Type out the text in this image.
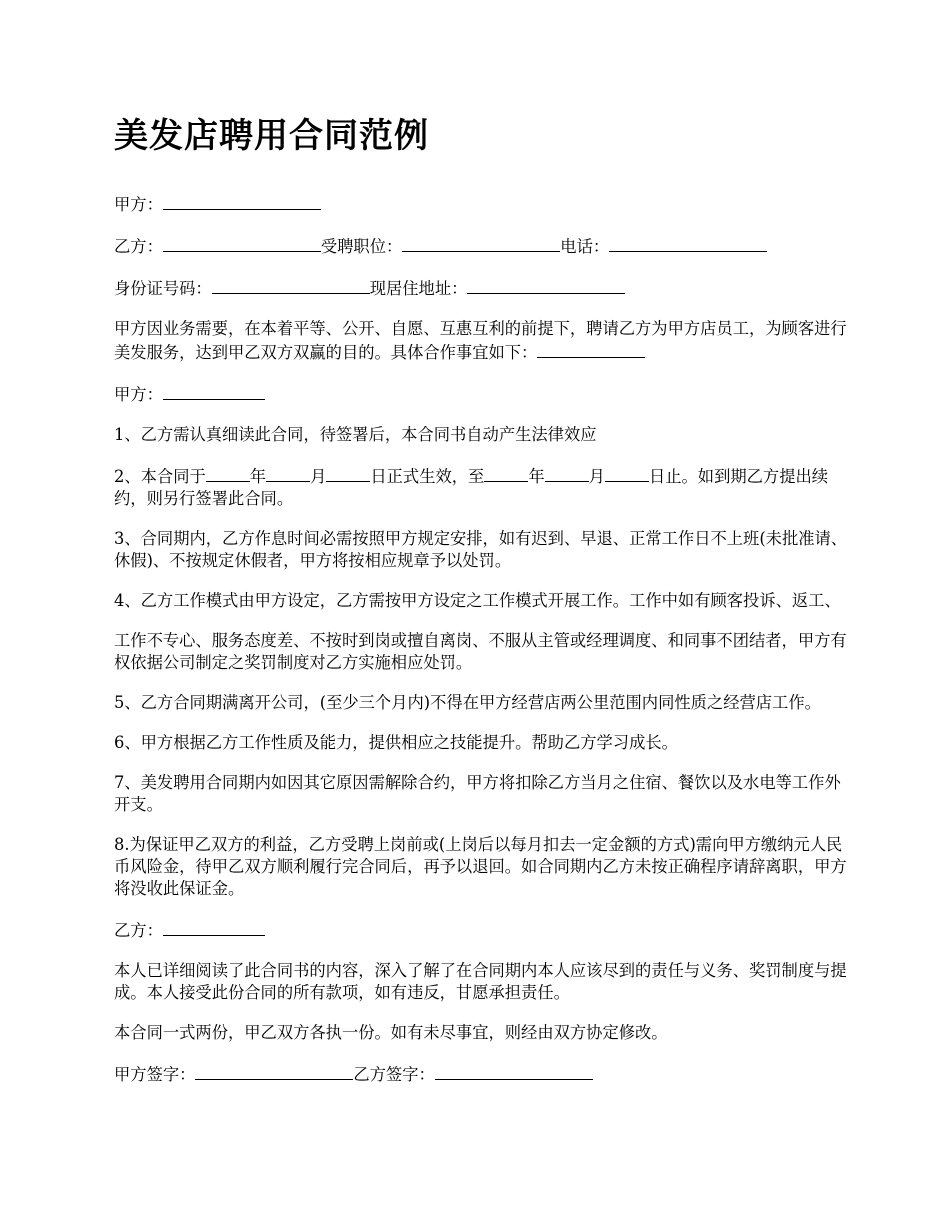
美发店聘用合同范例

甲方：

乙方：	受聘职位：	电话：

身份证号码：	现居住地址：

甲方因业务需要，在本着平等、公开、自愿、互惠互利的前提下，聘请乙方为甲方店员工，为顾客进行美发服务，达到甲乙双方双赢的目的。具体合作事宜如下：

甲方：

1、乙方需认真细读此合同，待签署后，本合同书自动产生法律效应

2、本合同于	年	月	日正式生效，至	年	月	日止。如到期乙方提出续约，则另行签署此合同。

3、合同期内，乙方作息时间必需按照甲方规定安排，如有迟到、早退、正常工作日不上班(未批准请、休假)、不按规定休假者，甲方将按相应规章予以处罚。

4、乙方工作模式由甲方设定，乙方需按甲方设定之工作模式开展工作。工作中如有顾客投诉、返工、

工作不专心、服务态度差、不按时到岗或擅自离岗、不服从主管或经理调度、和同事不团结者，甲方有权依据公司制定之奖罚制度对乙方实施相应处罚。

5、乙方合同期满离开公司，(至少三个月内)不得在甲方经营店两公里范围内同性质之经营店工作。

6、甲方根据乙方工作性质及能力，提供相应之技能提升。帮助乙方学习成长。

7、美发聘用合同期内如因其它原因需解除合约，甲方将扣除乙方当月之住宿、餐饮以及水电等工作外开支。

8.为保证甲乙双方的利益，乙方受聘上岗前或(上岗后以每月扣去一定金额的方式)需向甲方缴纳元人民币风险金，待甲乙双方顺利履行完合同后，再予以退回。如合同期内乙方未按正确程序请辞离职，甲方将没收此保证金。

乙方：

本人已详细阅读了此合同书的内容，深入了解了在合同期内本人应该尽到的责任与义务、奖罚制度与提成。本人接受此份合同的所有款项，如有违反，甘愿承担责任。

本合同一式两份，甲乙双方各执一份。如有未尽事宜，则经由双方协定修改。

甲方签字：	乙方签字：
